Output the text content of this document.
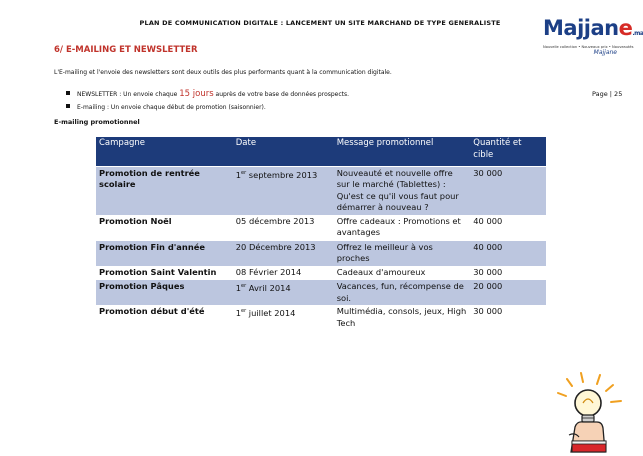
PLAN DE COMMUNICATION DIGITALE : LANCEMENT UN SITE MARCHAND DE TYPE GENERALISTE	Majjane.ma
Nouvelle collection • Nouveaux prix • Nouveautés
Majjane
6/ E-MAILING ET NEWSLETTER
L'E-mailing et l'envoie des newsletters sont deux outils des plus performants quant à la communication digitale.
NEWSLETTER : Un envoie chaque 15 jours auprès de votre base de données prospects.
E-mailing : Un envoie chaque début de promotion (saisonnier).
Page | 25
E-mailing promotionnel
Campagne	Date	Message promotionnel	Quantité et cible
Promotion de rentrée scolaire	1er septembre 2013	Nouveauté et nouvelle offre sur le marché (Tablettes) : Qu'est ce qu'il vous faut pour démarrer à nouveau ?	30 000
Promotion Noël	05 décembre 2013	Offre cadeaux : Promotions et avantages	40 000
Promotion Fin d'année	20 Décembre 2013	Offrez le meilleur à vos proches	40 000
Promotion Saint Valentin	08 Février 2014	Cadeaux d'amoureux	30 000
Promotion Pâques	1er Avril 2014	Vacances, fun, récompense de soi.	20 000
Promotion début d'été	1er juillet 2014	Multimédia, consols, jeux, High Tech	30 000
